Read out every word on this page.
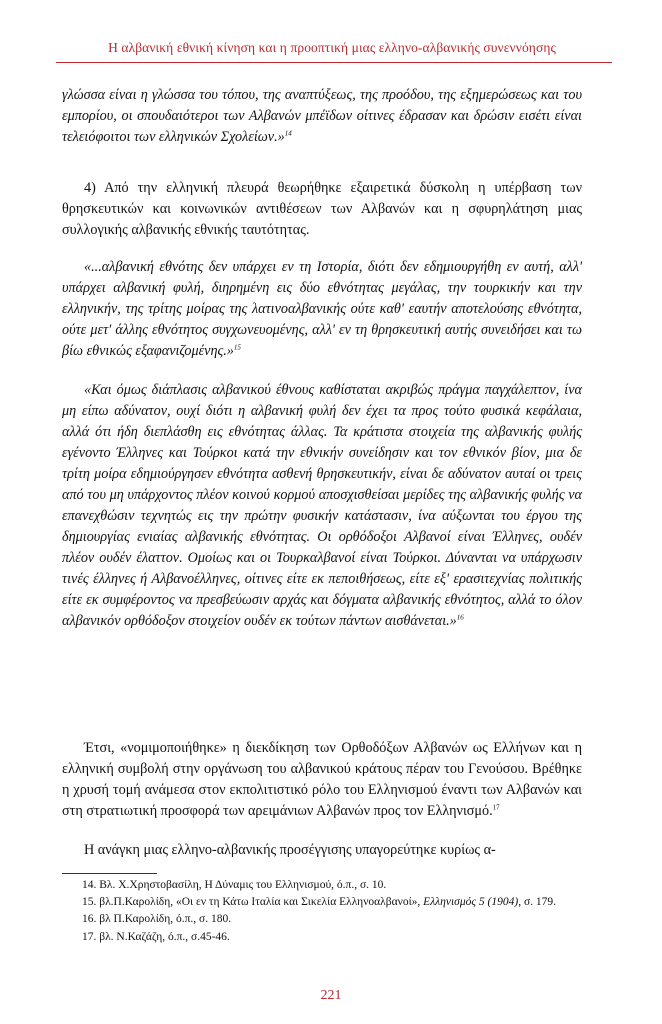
Η αλβανική εθνική κίνηση και η προοπτική μιας ελληνο-αλβανικής συνεννόησης

γλώσσα είναι η γλώσσα του τόπου, της αναπτύξεως, της προόδου, της εξημερώσεως και του εμπορίου, οι σπουδαιότεροι των Αλβανών μπέϊδων οίτινες έδρασαν και δρώσιν εισέτι είναι τελειόφοιτοι των ελληνικών Σχολείων.»$^{14}$

4) Από την ελληνική πλευρά θεωρήθηκε εξαιρετικά δύσκολη η υπέρβαση των θρησκευτικών και κοινωνικών αντιθέσεων των Αλβανών και η σφυρηλάτηση μιας συλλογικής αλβανικής εθνικής ταυτότητας.

«...αλβανική εθνότης δεν υπάρχει εν τη Ιστορία, διότι δεν εδημιουργήθη εν αυτή, αλλ' υπάρχει αλβανική φυλή, διηρημένη εις δύο εθνότητας μεγάλας, την τουρκικήν και την ελληνικήν, της τρίτης μοίρας της λατινοαλβανικής ούτε καθ' εαυτήν αποτελούσης εθνότητα, ούτε μετ' άλλης εθνότητος συγχωνευομένης, αλλ' εν τη θρησκευτική αυτής συνειδήσει και τω βίω εθνικώς εξαφανιζομένης.»$^{15}$

«Και όμως διάπλασις αλβανικού έθνους καθίσταται ακριβώς πράγμα παγχάλεπτον, ίνα μη είπω αδύνατον, ουχί διότι η αλβανική φυλή δεν έχει τα προς τούτο φυσικά κεφάλαια, αλλά ότι ήδη διεπλάσθη εις εθνότητας άλλας. Τα κράτιστα στοιχεία της αλβανικής φυλής εγένοντο Έλληνες και Τούρκοι κατά την εθνικήν συνείδησιν και τον εθνικόν βίον, μια δε τρίτη μοίρα εδημιούργησεν εθνότητα ασθενή θρησκευτικήν, είναι δε αδύνατον αυταί οι τρεις από του μη υπάρχοντος πλέον κοινού κορμού αποσχισθείσαι μερίδες της αλβανικής φυλής να επανεχθώσιν τεχνητώς εις την πρώτην φυσικήν κατάστασιν, ίνα αύξωνται του έργου της δημιουργίας ενιαίας αλβανικής εθνότητας. Οι ορθόδοξοι Αλβανοί είναι Έλληνες, ουδέν πλέον ουδέν έλαττον. Ομοίως και οι Τουρκαλβανοί είναι Τούρκοι. Δύνανται να υπάρχωσιν τινές έλληνες ή Αλβανοέλληνες, οίτινες είτε εκ πεποιθήσεως, είτε εξ' ερασιτεχνίας πολιτικής είτε εκ συμφέροντος να πρεσβεύωσιν αρχάς και δόγματα αλβανικής εθνότητος, αλλά το όλον αλβανικόν ορθόδοξον στοιχείον ουδέν εκ τούτων πάντων αισθάνεται.»$^{16}$

Έτσι, «νομιμοποιήθηκε» η διεκδίκηση των Ορθοδόξων Αλβανών ως Ελλήνων και η ελληνική συμβολή στην οργάνωση του αλβανικού κράτους πέραν του Γενούσου. Βρέθηκε η χρυσή τομή ανάμεσα στον εκπολιτιστικό ρόλο του Ελληνισμού έναντι των Αλβανών και στη στρατιωτική προσφορά των αρειμάνιων Αλβανών προς τον Ελληνισμό.$^{17}$

Η ανάγκη μιας ελληνο-αλβανικής προσέγγισης υπαγορεύτηκε κυρίως α-

14. Βλ. Χ.Χρηστοβασίλη, Η Δύναμις του Ελληνισμού, ό.π., σ. 10.
15. βλ.Π.Καρολίδη, «Οι εν τη Κάτω Ιταλία και Σικελία Ελληνοαλβανοί», Ελληνισμός 5 (1904), σ. 179.
16. βλ Π.Καρολίδη, ό.π., σ. 180.
17. βλ. Ν.Καζάζη, ό.π., σ.45-46.
221
